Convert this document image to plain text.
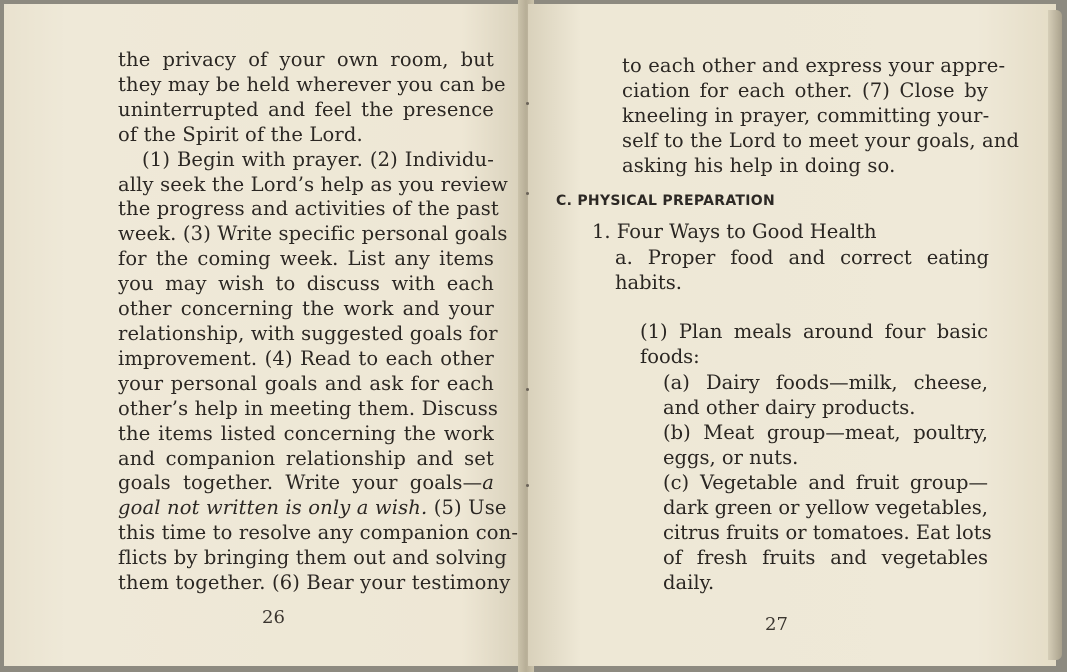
the privacy of your own room, but
they may be held wherever you can be
uninterrupted and feel the presence
of the Spirit of the Lord.
(1) Begin with prayer. (2) Individu-
ally seek the Lord’s help as you review
the progress and activities of the past
week. (3) Write specific personal goals
for the coming week. List any items
you may wish to discuss with each
other concerning the work and your
relationship, with suggested goals for
improvement. (4) Read to each other
your personal goals and ask for each
other’s help in meeting them. Discuss
the items listed concerning the work
and companion relationship and set
goals together. Write your goals—a
goal not written is only a wish. (5) Use
this time to resolve any companion con-
flicts by bringing them out and solving
them together. (6) Bear your testimony
26
to each other and express your appre-
ciation for each other. (7) Close by
kneeling in prayer, committing your-
self to the Lord to meet your goals, and
asking his help in doing so.
C. PHYSICAL PREPARATION
1. Four Ways to Good Health
a. Proper food and correct eating
habits.
(1) Plan meals around four basic
foods:
(a) Dairy foods—milk, cheese,
and other dairy products.
(b) Meat group—meat, poultry,
eggs, or nuts.
(c) Vegetable and fruit group—
dark green or yellow vegetables,
citrus fruits or tomatoes. Eat lots
of fresh fruits and vegetables
daily.
27
